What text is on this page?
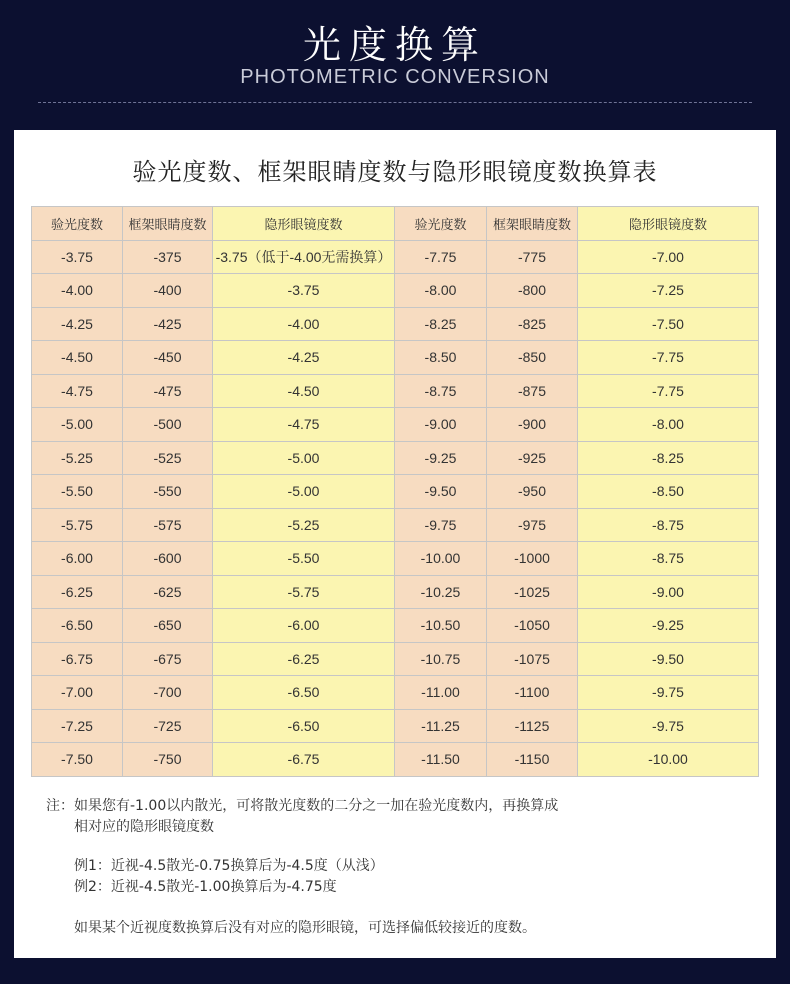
光度换算
PHOTOMETRIC CONVERSION
验光度数、框架眼睛度数与隐形眼镜度数换算表
验光度数	框架眼睛度数	隐形眼镜度数	验光度数	框架眼睛度数	隐形眼镜度数
-3.75	-375	-3.75（低于-4.00无需换算）	-7.75	-775	-7.00
-4.00	-400	-3.75	-8.00	-800	-7.25
-4.25	-425	-4.00	-8.25	-825	-7.50
-4.50	-450	-4.25	-8.50	-850	-7.75
-4.75	-475	-4.50	-8.75	-875	-7.75
-5.00	-500	-4.75	-9.00	-900	-8.00
-5.25	-525	-5.00	-9.25	-925	-8.25
-5.50	-550	-5.00	-9.50	-950	-8.50
-5.75	-575	-5.25	-9.75	-975	-8.75
-6.00	-600	-5.50	-10.00	-1000	-8.75
-6.25	-625	-5.75	-10.25	-1025	-9.00
-6.50	-650	-6.00	-10.50	-1050	-9.25
-6.75	-675	-6.25	-10.75	-1075	-9.50
-7.00	-700	-6.50	-11.00	-1100	-9.75
-7.25	-725	-6.50	-11.25	-1125	-9.75
-7.50	-750	-6.75	-11.50	-1150	-10.00
注：如果您有-1.00以内散光，可将散光度数的二分之一加在验光度数内，再换算成
相对应的隐形眼镜度数
例1：近视-4.5散光-0.75换算后为-4.5度（从浅）
例2：近视-4.5散光-1.00换算后为-4.75度
如果某个近视度数换算后没有对应的隐形眼镜，可选择偏低较接近的度数。
